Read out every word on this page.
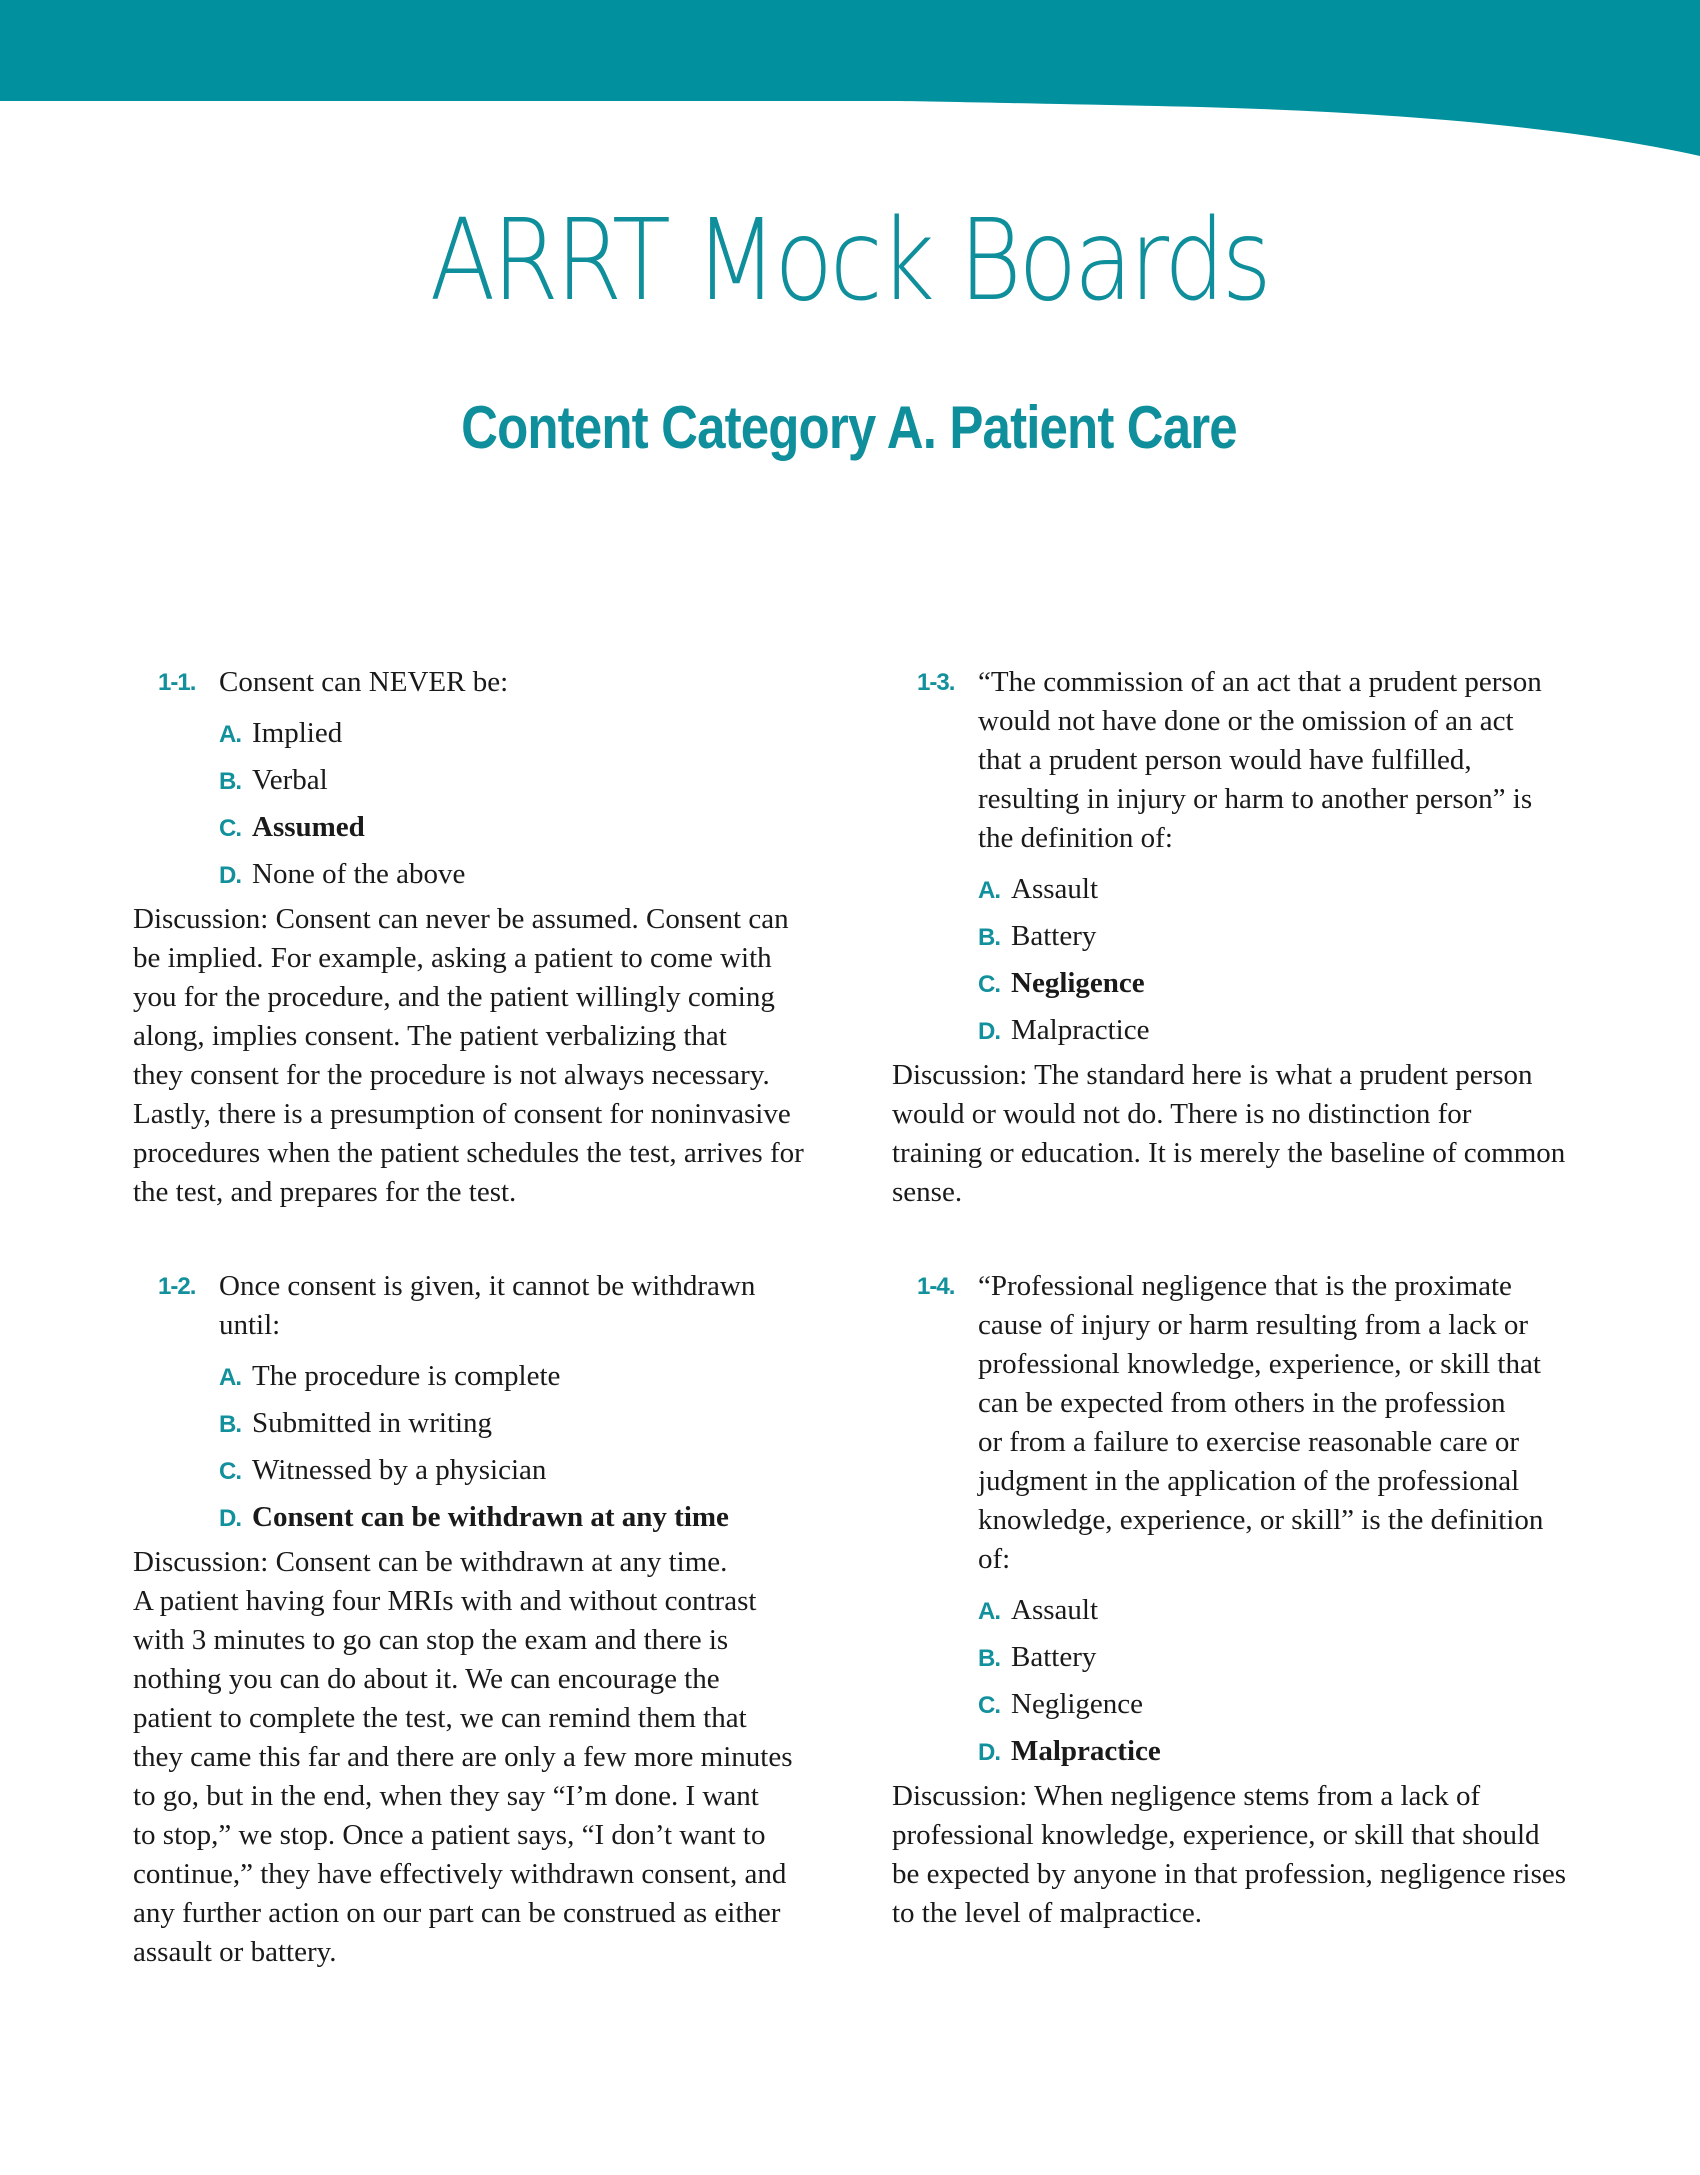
ARRT Mock Boards
Content Category A. Patient Care
1-1. Consent can NEVER be:
A. Implied
B. Verbal
C. Assumed
D. None of the above
Discussion: Consent can never be assumed. Consent can
be implied. For example, asking a patient to come with
you for the procedure, and the patient willingly coming
along, implies consent. The patient verbalizing that
they consent for the procedure is not always necessary.
Lastly, there is a presumption of consent for noninvasive
procedures when the patient schedules the test, arrives for
the test, and prepares for the test.
1-2. Once consent is given, it cannot be withdrawn
until:
A. The procedure is complete
B. Submitted in writing
C. Witnessed by a physician
D. Consent can be withdrawn at any time
Discussion: Consent can be withdrawn at any time.
A patient having four MRIs with and without contrast
with 3 minutes to go can stop the exam and there is
nothing you can do about it. We can encourage the
patient to complete the test, we can remind them that
they came this far and there are only a few more minutes
to go, but in the end, when they say “I’m done. I want
to stop,” we stop. Once a patient says, “I don’t want to
continue,” they have effectively withdrawn consent, and
any further action on our part can be construed as either
assault or battery.
1-3. “The commission of an act that a prudent person
would not have done or the omission of an act
that a prudent person would have fulfilled,
resulting in injury or harm to another person” is
the definition of:
A. Assault
B. Battery
C. Negligence
D. Malpractice
Discussion: The standard here is what a prudent person
would or would not do. There is no distinction for
training or education. It is merely the baseline of common
sense.
1-4. “Professional negligence that is the proximate
cause of injury or harm resulting from a lack or
professional knowledge, experience, or skill that
can be expected from others in the profession
or from a failure to exercise reasonable care or
judgment in the application of the professional
knowledge, experience, or skill” is the definition
of:
A. Assault
B. Battery
C. Negligence
D. Malpractice
Discussion: When negligence stems from a lack of
professional knowledge, experience, or skill that should
be expected by anyone in that profession, negligence rises
to the level of malpractice.
